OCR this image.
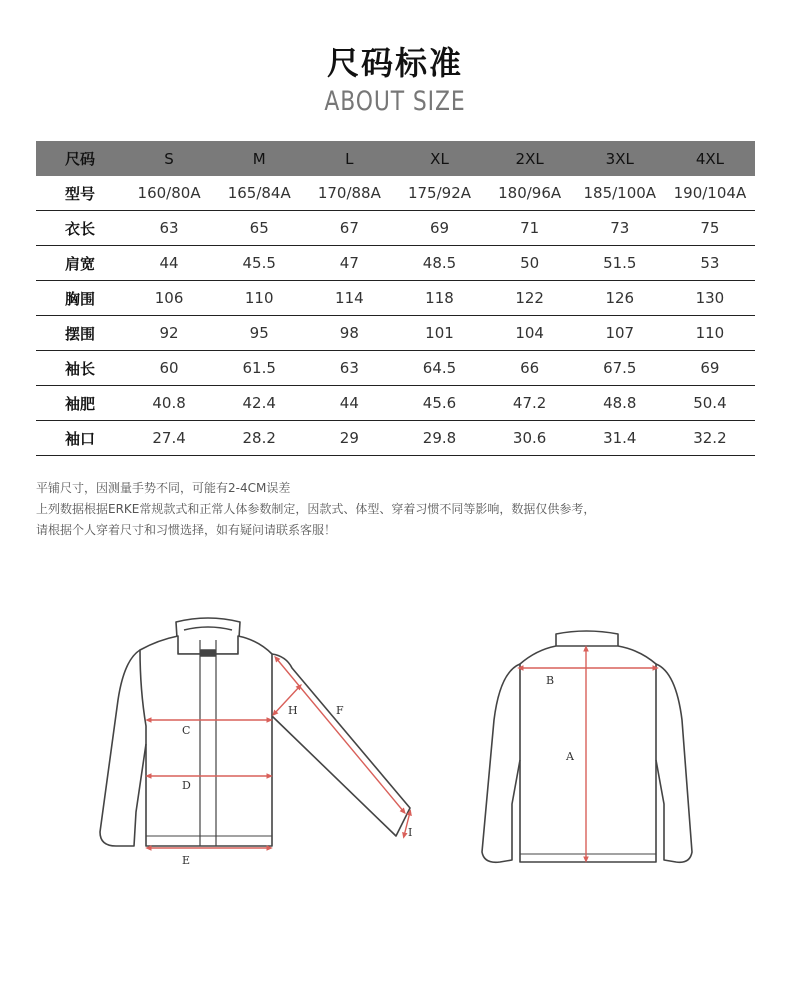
尺码标准
ABOUT SIZE
尺码	S	M	L	XL	2XL	3XL	4XL
型号	160/80A	165/84A	170/88A	175/92A	180/96A	185/100A	190/104A
衣长	63	65	67	69	71	73	75
肩宽	44	45.5	47	48.5	50	51.5	53
胸围	106	110	114	118	122	126	130
摆围	92	95	98	101	104	107	110
袖长	60	61.5	63	64.5	66	67.5	69
袖肥	40.8	42.4	44	45.6	47.2	48.8	50.4
袖口	27.4	28.2	29	29.8	30.6	31.4	32.2
平铺尺寸，因测量手势不同，可能有2-4CM误差
上列数据根据ERKE常规款式和正常人体参数制定，因款式、体型、穿着习惯不同等影响，数据仅供参考，
请根据个人穿着尺寸和习惯选择，如有疑问请联系客服！
C
D
E
F
H
I
B
A
